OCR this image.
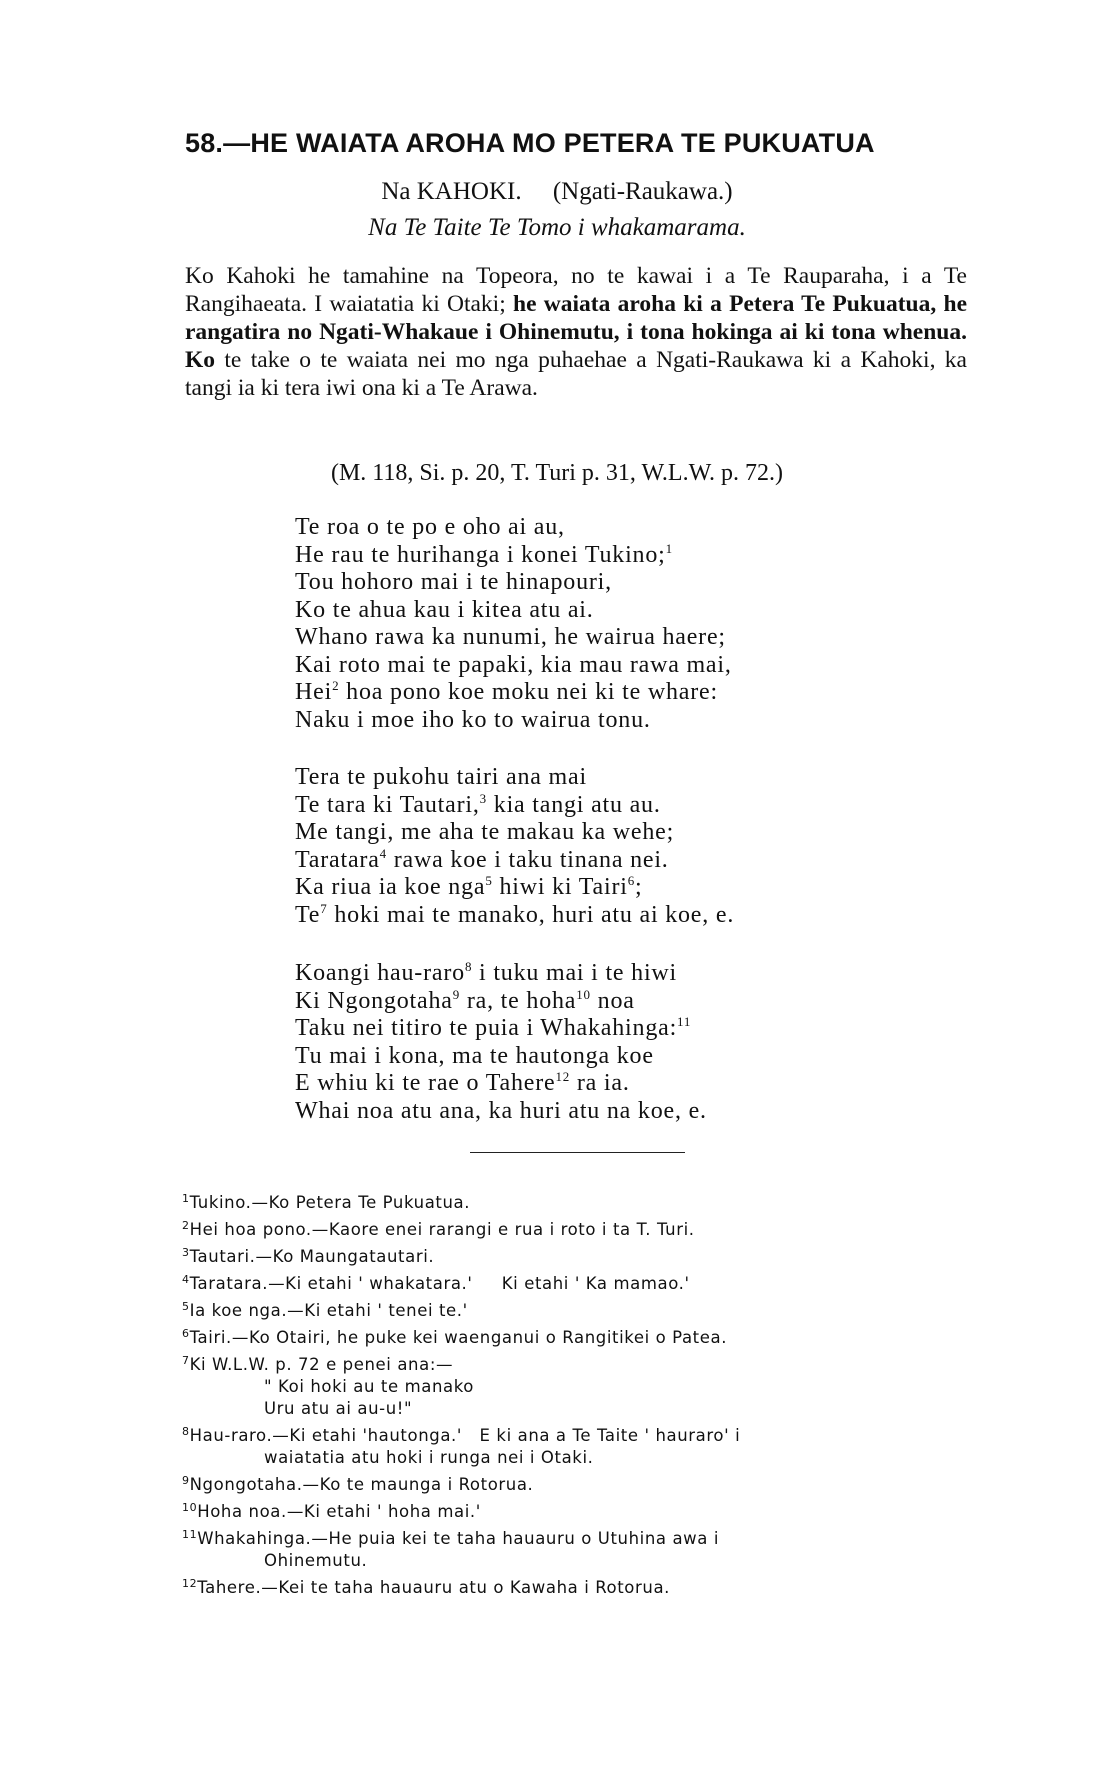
58.—HE WAIATA AROHA MO PETERA TE PUKUATUA
Na KAHOKI.     (Ngati-Raukawa.)
Na Te Taite Te Tomo i whakamarama.
Ko Kahoki he tamahine na Topeora, no te kawai i a Te Rauparaha, i a Te Rangihaeata. I waiatatia ki Otaki; he waiata aroha ki a Petera Te Pukuatua, he rangatira no Ngati-Whakaue i Ohinemutu, i tona hokinga ai ki tona whenua. Ko te take o te waiata nei mo nga puhaehae a Ngati-Raukawa ki a Kahoki, ka tangi ia ki tera iwi ona ki a Te Arawa.
(M. 118, Si. p. 20, T. Turi p. 31, W.L.W. p. 72.)
Te roa o te po e oho ai au,
He rau te hurihanga i konei Tukino;$^1$
Tou hohoro mai i te hinapouri,
Ko te ahua kau i kitea atu ai.
Whano rawa ka nunumi, he wairua haere;
Kai roto mai te papaki, kia mau rawa mai,
Hei$^2$ hoa pono koe moku nei ki te whare:
Naku i moe iho ko to wairua tonu.
Tera te pukohu tairi ana mai
Te tara ki Tautari,$^3$ kia tangi atu au.
Me tangi, me aha te makau ka wehe;
Taratara$^4$ rawa koe i taku tinana nei.
Ka riua ia koe nga$^5$ hiwi ki Tairi$^6$;
Te$^7$ hoki mai te manako, huri atu ai koe, e.
Koangi hau-raro$^8$ i tuku mai i te hiwi
Ki Ngongotaha$^9$ ra, te hoha$^{10}$ noa
Taku nei titiro te puia i Whakahinga:$^{11}$
Tu mai i kona, ma te hautonga koe
E whiu ki te rae o Tahere$^{12}$ ra ia.
Whai noa atu ana, ka huri atu na koe, e.
$^1$Tukino.—Ko Petera Te Pukuatua.
$^2$Hei hoa pono.—Kaore enei rarangi e rua i roto i ta T. Turi.
$^3$Tautari.—Ko Maungatautari.
$^4$Taratara.—Ki etahi ' whakatara.'     Ki etahi ' Ka mamao.'
$^5$Ia koe nga.—Ki etahi ' tenei te.'
$^6$Tairi.—Ko Otairi, he puke kei waenganui o Rangitikei o Patea.
$^7$Ki W.L.W. p. 72 e penei ana:—
" Koi hoki au te manako
Uru atu ai au-u!"
$^8$Hau-raro.—Ki etahi 'hautonga.'   E ki ana a Te Taite ' hauraro' i
waiatatia atu hoki i runga nei i Otaki.
$^9$Ngongotaha.—Ko te maunga i Rotorua.
$^{10}$Hoha noa.—Ki etahi ' hoha mai.'
$^{11}$Whakahinga.—He puia kei te taha hauauru o Utuhina awa i
Ohinemutu.
$^{12}$Tahere.—Kei te taha hauauru atu o Kawaha i Rotorua.
